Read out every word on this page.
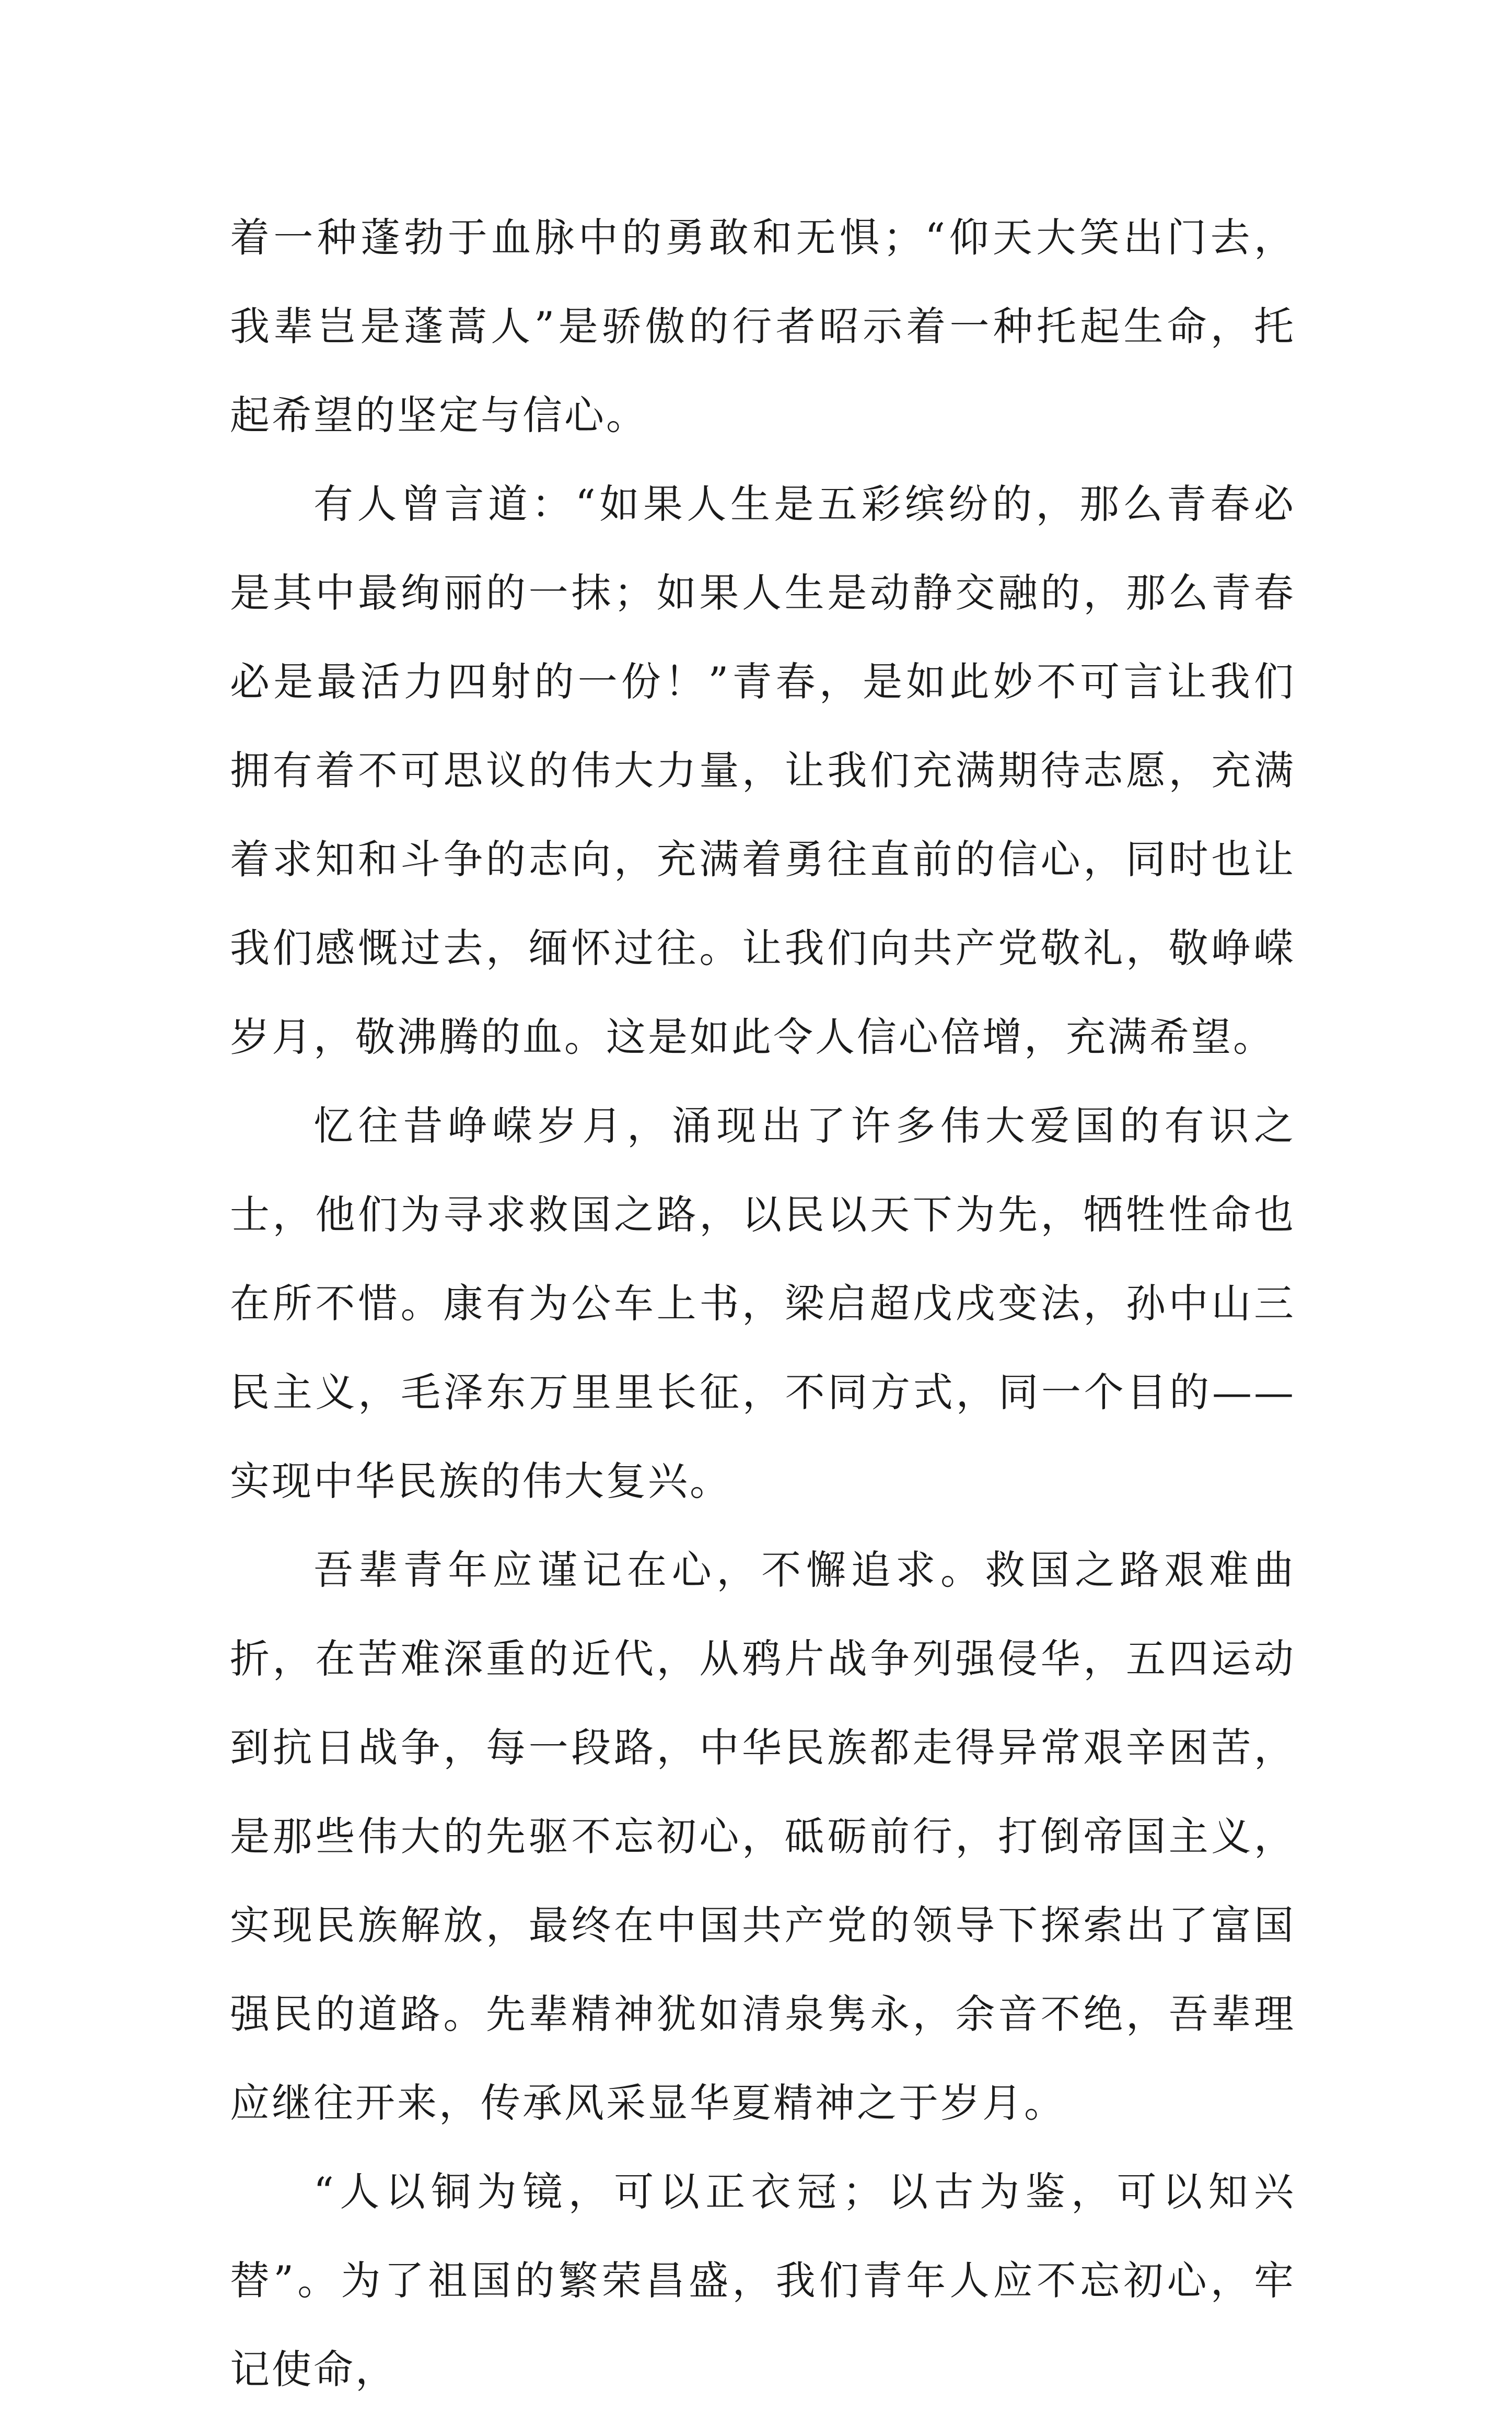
着一种蓬勃于血脉中的勇敢和无惧；“仰天大笑出门去，我辈岂是蓬蒿人”是骄傲的行者昭示着一种托起生命，托起希望的坚定与信心。

有人曾言道：“如果人生是五彩缤纷的，那么青春必是其中最绚丽的一抹；如果人生是动静交融的，那么青春必是最活力四射的一份！”青春，是如此妙不可言让我们拥有着不可思议的伟大力量，让我们充满期待志愿，充满着求知和斗争的志向，充满着勇往直前的信心，同时也让我们感慨过去，缅怀过往。让我们向共产党敬礼，敬峥嵘岁月，敬沸腾的血。这是如此令人信心倍增，充满希望。

忆往昔峥嵘岁月，涌现出了许多伟大爱国的有识之士，他们为寻求救国之路，以民以天下为先，牺牲性命也在所不惜。康有为公车上书，梁启超戊戌变法，孙中山三民主义，毛泽东万里里长征，不同方式，同一个目的——实现中华民族的伟大复兴。

吾辈青年应谨记在心，不懈追求。救国之路艰难曲折，在苦难深重的近代，从鸦片战争列强侵华，五四运动到抗日战争，每一段路，中华民族都走得异常艰辛困苦，是那些伟大的先驱不忘初心，砥砺前行，打倒帝国主义，实现民族解放，最终在中国共产党的领导下探索出了富国强民的道路。先辈精神犹如清泉隽永，余音不绝，吾辈理应继往开来，传承风采显华夏精神之于岁月。

“人以铜为镜，可以正衣冠；以古为鉴，可以知兴替”。为了祖国的繁荣昌盛，我们青年人应不忘初心，牢记使命，
